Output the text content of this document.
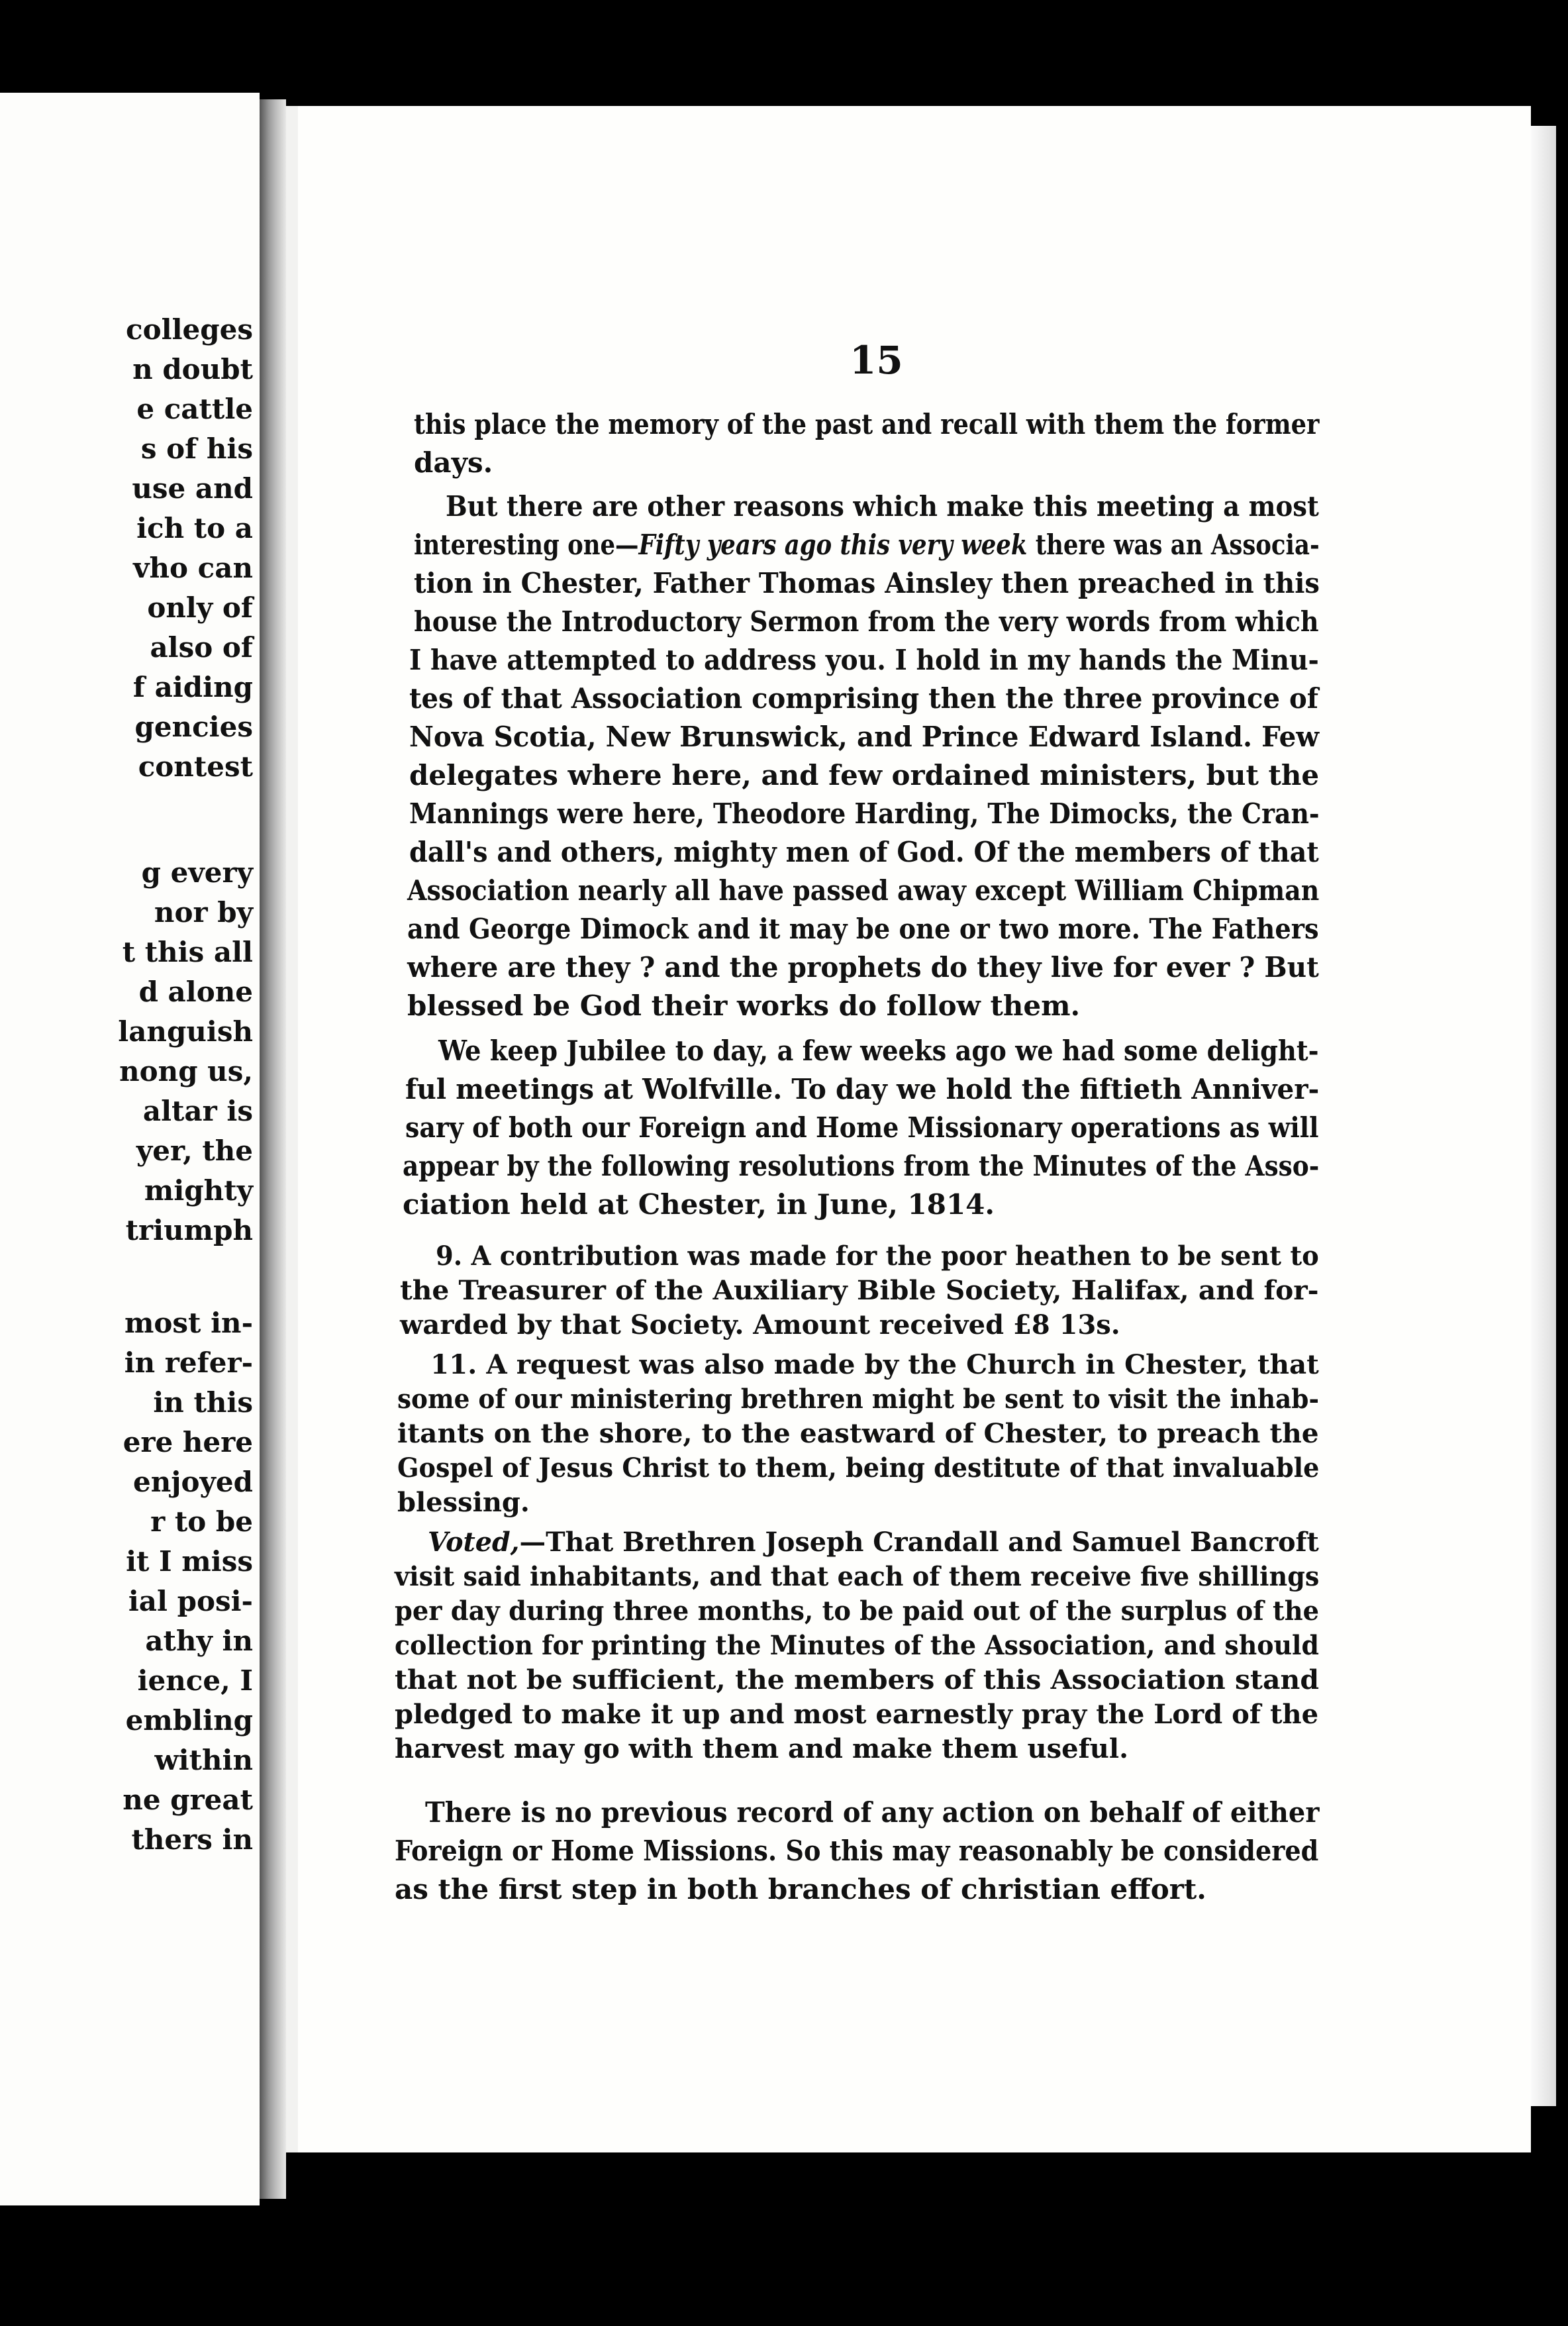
colleges
n doubt
e cattle
s of his
use and
ich to a
vho can
only of
also of
f aiding
gencies
contest
g every
nor by
t this all
d alone
languish
nong us,
altar is
yer, the
mighty
triumph
most in-
in refer-
in this
ere here
enjoyed
r to be
it I miss
ial posi-
athy in
ience, I
embling
within
ne great
thers in
15
this place the memory of the past and recall with them the former
days.
But there are other reasons which make this meeting a most
interesting one—Fifty years ago this very week there was an Associa-
tion in Chester, Father Thomas Ainsley then preached in this
house the Introductory Sermon from the very words from which
I have attempted to address you. I hold in my hands the Minu-
tes of that Association comprising then the three province of
Nova Scotia, New Brunswick, and Prince Edward Island. Few
delegates where here, and few ordained ministers, but the
Mannings were here, Theodore Harding, The Dimocks, the Cran-
dall's and others, mighty men of God. Of the members of that
Association nearly all have passed away except William Chipman
and George Dimock and it may be one or two more. The Fathers
where are they ? and the prophets do they live for ever ? But
blessed be God their works do follow them.
We keep Jubilee to day, a few weeks ago we had some delight-
ful meetings at Wolfville. To day we hold the fiftieth Anniver-
sary of both our Foreign and Home Missionary operations as will
appear by the following resolutions from the Minutes of the Asso-
ciation held at Chester, in June, 1814.
9. A contribution was made for the poor heathen to be sent to
the Treasurer of the Auxiliary Bible Society, Halifax, and for-
warded by that Society. Amount received £8 13s.
11. A request was also made by the Church in Chester, that
some of our ministering brethren might be sent to visit the inhab-
itants on the shore, to the eastward of Chester, to preach the
Gospel of Jesus Christ to them, being destitute of that invaluable
blessing.
Voted,—That Brethren Joseph Crandall and Samuel Bancroft
visit said inhabitants, and that each of them receive five shillings
per day during three months, to be paid out of the surplus of the
collection for printing the Minutes of the Association, and should
that not be sufficient, the members of this Association stand
pledged to make it up and most earnestly pray the Lord of the
harvest may go with them and make them useful.
There is no previous record of any action on behalf of either
Foreign or Home Missions. So this may reasonably be considered
as the first step in both branches of christian effort.
